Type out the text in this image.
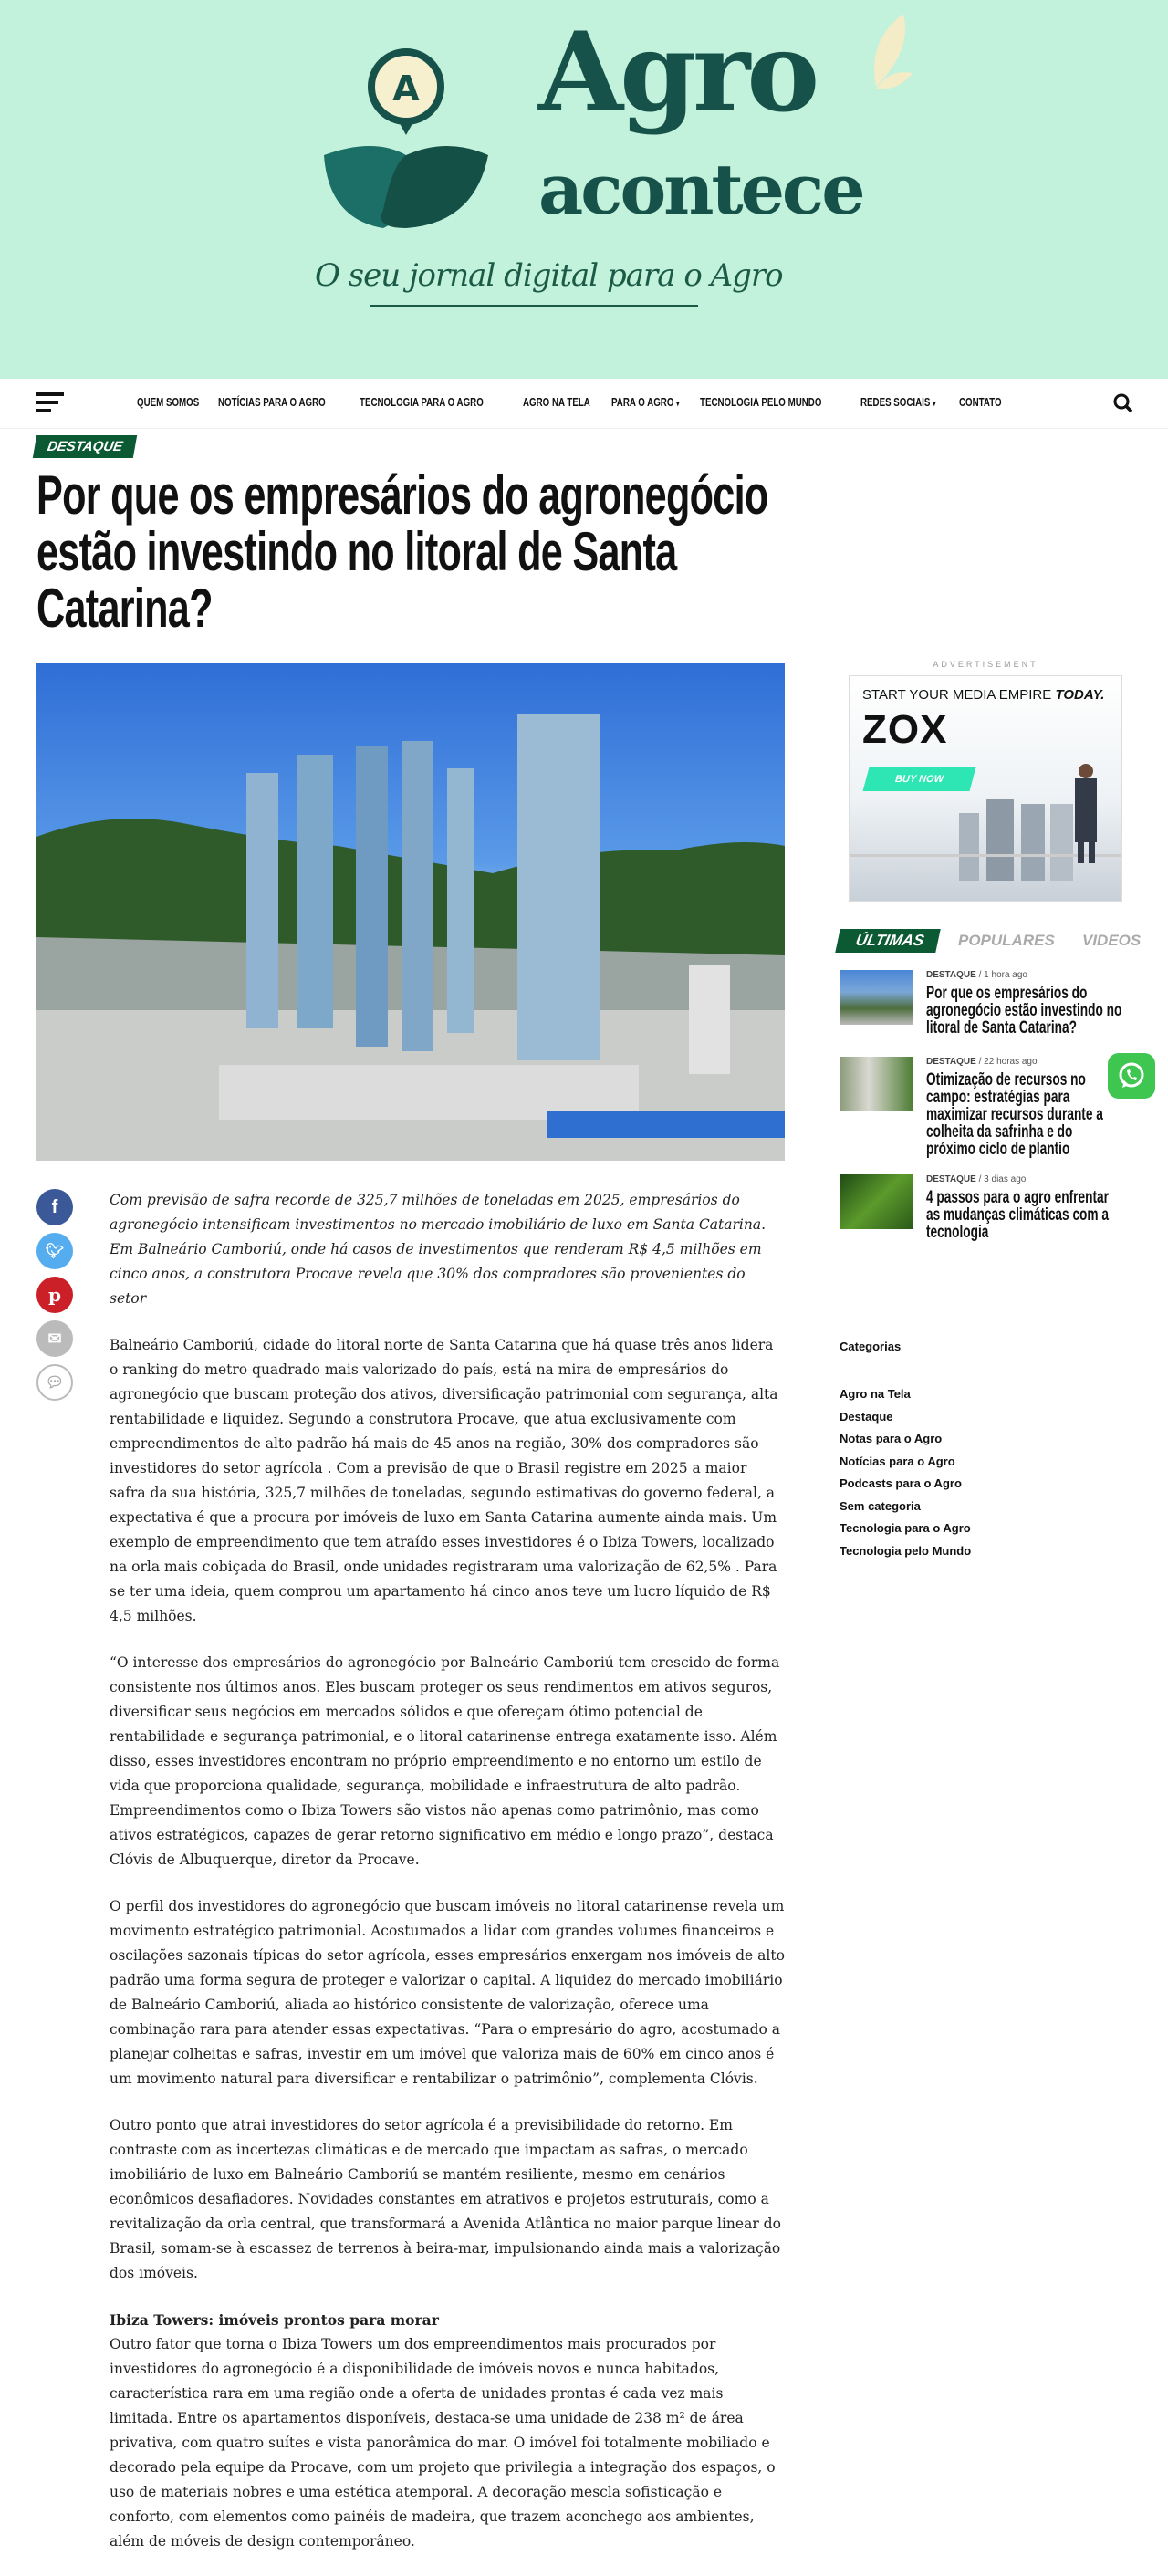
A Agro
acontece
O seu jornal digital para o Agro
QUEM SOMOS NOTÍCIAS PARA O AGRO	TECNOLOGIA PARA O AGRO	AGRO NA TELA PARA O AGRO ▾ TECNOLOGIA PELO MUNDO	REDES SOCIAIS ▾ CONTATO
DESTAQUE
Por que os empresários do agronegócio estão investindo no litoral de Santa Catarina?
f
🐦︎
p
✉
💬︎

Com previsão de safra recorde de 325,7 milhões de toneladas em 2025, empresários do agronegócio intensificam investimentos no mercado imobiliário de luxo em Santa Catarina. Em Balneário Camboriú, onde há casos de investimentos que renderam R$ 4,5 milhões em cinco anos, a construtora Procave revela que 30% dos compradores são provenientes do setor

Balneário Camboriú, cidade do litoral norte de Santa Catarina que há quase três anos lidera o ranking do metro quadrado mais valorizado do país, está na mira de empresários do agronegócio que buscam proteção dos ativos, diversificação patrimonial com segurança, alta rentabilidade e liquidez. Segundo a construtora Procave, que atua exclusivamente com empreendimentos de alto padrão há mais de 45 anos na região, 30% dos compradores são investidores do setor agrícola . Com a previsão de que o Brasil registre em 2025 a maior safra da sua história, 325,7 milhões de toneladas, segundo estimativas do governo federal, a expectativa é que a procura por imóveis de luxo em Santa Catarina aumente ainda mais. Um exemplo de empreendimento que tem atraído esses investidores é o Ibiza Towers, localizado na orla mais cobiçada do Brasil, onde unidades registraram uma valorização de 62,5% . Para se ter uma ideia, quem comprou um apartamento há cinco anos teve um lucro líquido de R$ 4,5 milhões.

“O interesse dos empresários do agronegócio por Balneário Camboriú tem crescido de forma consistente nos últimos anos. Eles buscam proteger os seus rendimentos em ativos seguros, diversificar seus negócios em mercados sólidos e que ofereçam ótimo potencial de rentabilidade e segurança patrimonial, e o litoral catarinense entrega exatamente isso. Além disso, esses investidores encontram no próprio empreendimento e no entorno um estilo de vida que proporciona qualidade, segurança, mobilidade e infraestrutura de alto padrão. Empreendimentos como o Ibiza Towers são vistos não apenas como patrimônio, mas como ativos estratégicos, capazes de gerar retorno significativo em médio e longo prazo”, destaca Clóvis de Albuquerque, diretor da Procave.

O perfil dos investidores do agronegócio que buscam imóveis no litoral catarinense revela um movimento estratégico patrimonial. Acostumados a lidar com grandes volumes financeiros e oscilações sazonais típicas do setor agrícola, esses empresários enxergam nos imóveis de alto padrão uma forma segura de proteger e valorizar o capital. A liquidez do mercado imobiliário de Balneário Camboriú, aliada ao histórico consistente de valorização, oferece uma combinação rara para atender essas expectativas. “Para o empresário do agro, acostumado a planejar colheitas e safras, investir em um imóvel que valoriza mais de 60% em cinco anos é um movimento natural para diversificar e rentabilizar o patrimônio”, complementa Clóvis.

Outro ponto que atrai investidores do setor agrícola é a previsibilidade do retorno. Em contraste com as incertezas climáticas e de mercado que impactam as safras, o mercado imobiliário de luxo em Balneário Camboriú se mantém resiliente, mesmo em cenários econômicos desafiadores. Novidades constantes em atrativos e projetos estruturais, como a revitalização da orla central, que transformará a Avenida Atlântica no maior parque linear do Brasil, somam-se à escassez de terrenos à beira-mar, impulsionando ainda mais a valorização dos imóveis.

Ibiza Towers: imóveis prontos para morar

Outro fator que torna o Ibiza Towers um dos empreendimentos mais procurados por investidores do agronegócio é a disponibilidade de imóveis novos e nunca habitados, característica rara em uma região onde a oferta de unidades prontas é cada vez mais limitada. Entre os apartamentos disponíveis, destaca-se uma unidade de 238 m² de área privativa, com quatro suítes e vista panorâmica do mar. O imóvel foi totalmente mobiliado e decorado pela equipe da Procave, com um projeto que privilegia a integração dos espaços, o uso de materiais nobres e uma estética atemporal. A decoração mescla sofisticação e conforto, com elementos como painéis de madeira, que trazem aconchego aos ambientes, além de móveis de design contemporâneo.

ADVERTISEMENT
START YOUR MEDIA EMPIRE TODAY.
ZOX
BUY NOW
ÚLTIMAS	POPULARES VIDEOS
DESTAQUE / 1 hora ago
Por que os empresários do agronegócio estão investindo no litoral de Santa Catarina?
DESTAQUE / 22 horas ago
Otimização de recursos no campo: estratégias para maximizar recursos durante a colheita da safrinha e do próximo ciclo de plantio
DESTAQUE / 3 dias ago
4 passos para o agro enfrentar as mudanças climáticas com a tecnologia
Categorias
Agro na Tela
Destaque
Notas para o Agro
Notícias para o Agro
Podcasts para o Agro
Sem categoria
Tecnologia para o Agro
Tecnologia pelo Mundo
